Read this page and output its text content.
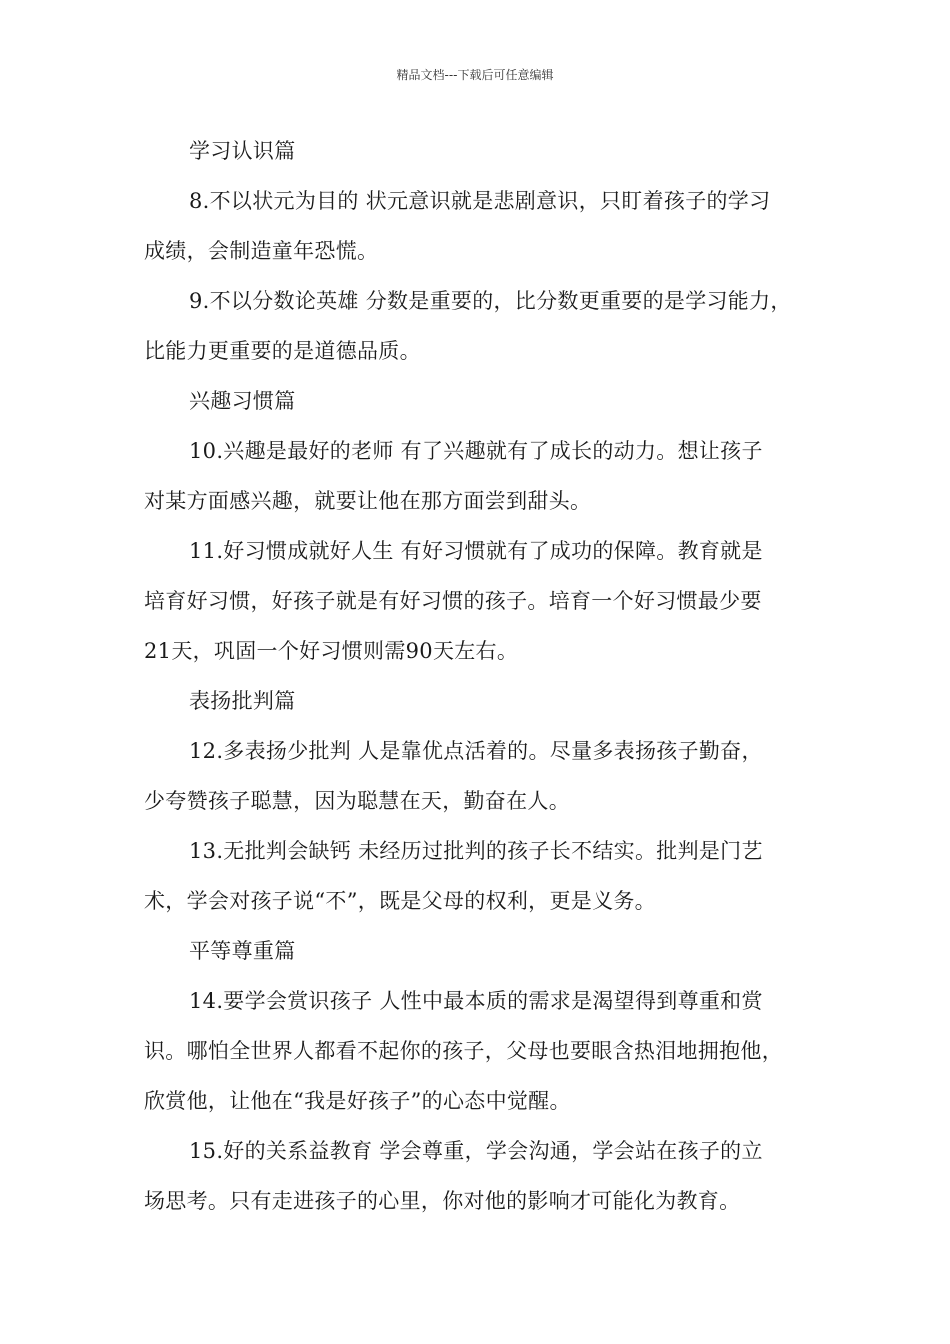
精品文档---下载后可任意编辑
学习认识篇
8.不以状元为目的 状元意识就是悲剧意识，只盯着孩子的学习
成绩，会制造童年恐慌。
9.不以分数论英雄 分数是重要的，比分数更重要的是学习能力，
比能力更重要的是道德品质。
兴趣习惯篇
10.兴趣是最好的老师 有了兴趣就有了成长的动力。想让孩子
对某方面感兴趣，就要让他在那方面尝到甜头。
11.好习惯成就好人生 有好习惯就有了成功的保障。教育就是
培育好习惯，好孩子就是有好习惯的孩子。培育一个好习惯最少要
21天，巩固一个好习惯则需90天左右。
表扬批判篇
12.多表扬少批判 人是靠优点活着的。尽量多表扬孩子勤奋，
少夸赞孩子聪慧，因为聪慧在天，勤奋在人。
13.无批判会缺钙 未经历过批判的孩子长不结实。批判是门艺
术，学会对孩子说“不”，既是父母的权利，更是义务。
平等尊重篇
14.要学会赏识孩子 人性中最本质的需求是渴望得到尊重和赏
识。哪怕全世界人都看不起你的孩子，父母也要眼含热泪地拥抱他，
欣赏他，让他在“我是好孩子”的心态中觉醒。
15.好的关系益教育 学会尊重，学会沟通，学会站在孩子的立
场思考。只有走进孩子的心里，你对他的影响才可能化为教育。
